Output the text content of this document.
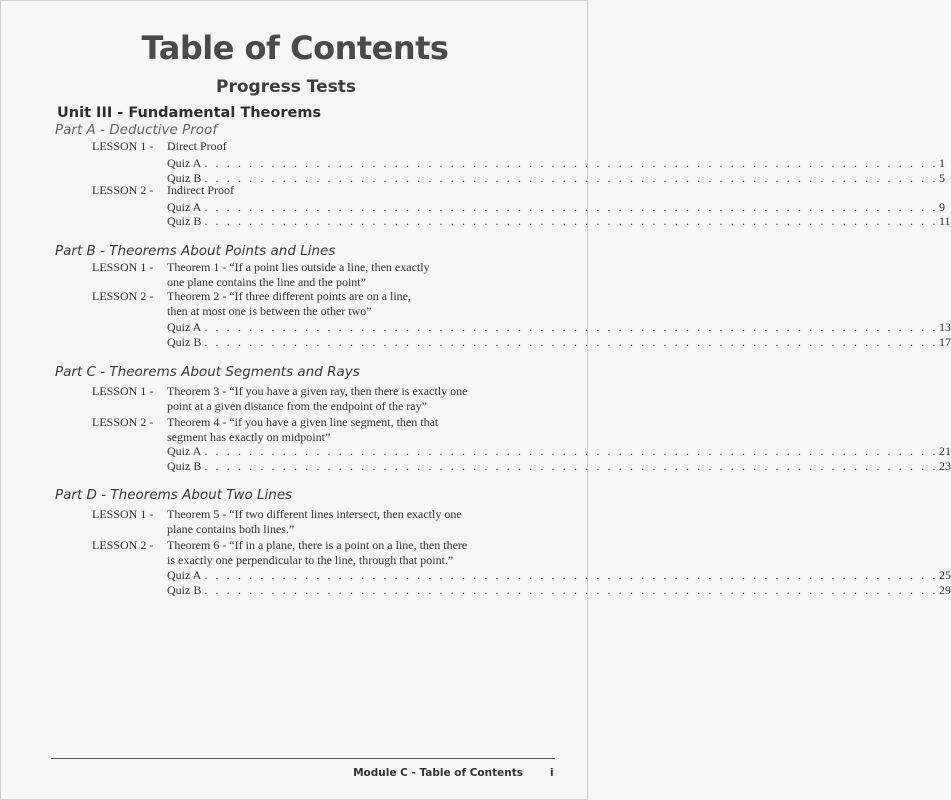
Table of Contents
Progress Tests
Unit III - Fundamental Theorems
Part A - Deductive Proof
LESSON 1 - Direct Proof
Quiz A . . . . . . . . . . . . . . . . . . . . . . . . . . . . . . . . . . . . . . . . . . . . . . . . . . . . . . . . . . . . . . . . . . 1
Quiz B . . . . . . . . . . . . . . . . . . . . . . . . . . . . . . . . . . . . . . . . . . . . . . . . . . . . . . . . . . . . . . . . . . 5
LESSON 2 - Indirect Proof
Quiz A . . . . . . . . . . . . . . . . . . . . . . . . . . . . . . . . . . . . . . . . . . . . . . . . . . . . . . . . . . . . . . . . . . 9
Quiz B . . . . . . . . . . . . . . . . . . . . . . . . . . . . . . . . . . . . . . . . . . . . . . . . . . . . . . . . . . . . . . . . . . 11
Part B - Theorems About Points and Lines
LESSON 1 - Theorem 1 - “If a point lies outside a line, then exactly
one plane contains the line and the point”
LESSON 2 - Theorem 2 - “If three different points are on a line,
then at most one is between the other two”
Quiz A . . . . . . . . . . . . . . . . . . . . . . . . . . . . . . . . . . . . . . . . . . . . . . . . . . . . . . . . . . . . . . . . . . 13
Quiz B . . . . . . . . . . . . . . . . . . . . . . . . . . . . . . . . . . . . . . . . . . . . . . . . . . . . . . . . . . . . . . . . . . 17
Part C - Theorems About Segments and Rays
LESSON 1 - Theorem 3 - “If you have a given ray, then there is exactly one
point at a given distance from the endpoint of the ray”
LESSON 2 - Theorem 4 - “if you have a given line segment, then that
segment has exactly on midpoint”
Quiz A . . . . . . . . . . . . . . . . . . . . . . . . . . . . . . . . . . . . . . . . . . . . . . . . . . . . . . . . . . . . . . . . . . 21
Quiz B . . . . . . . . . . . . . . . . . . . . . . . . . . . . . . . . . . . . . . . . . . . . . . . . . . . . . . . . . . . . . . . . . . 23
Part D - Theorems About Two Lines
LESSON 1 - Theorem 5 - “If two different lines intersect, then exactly one
plane contains both lines.”
LESSON 2 - Theorem 6 - “If in a plane, there is a point on a line, then there
is exactly one perpendicular to the line, through that point.”
Quiz A . . . . . . . . . . . . . . . . . . . . . . . . . . . . . . . . . . . . . . . . . . . . . . . . . . . . . . . . . . . . . . . . . . 25
Quiz B . . . . . . . . . . . . . . . . . . . . . . . . . . . . . . . . . . . . . . . . . . . . . . . . . . . . . . . . . . . . . . . . . . 29
Module C - Table of Contents	i
